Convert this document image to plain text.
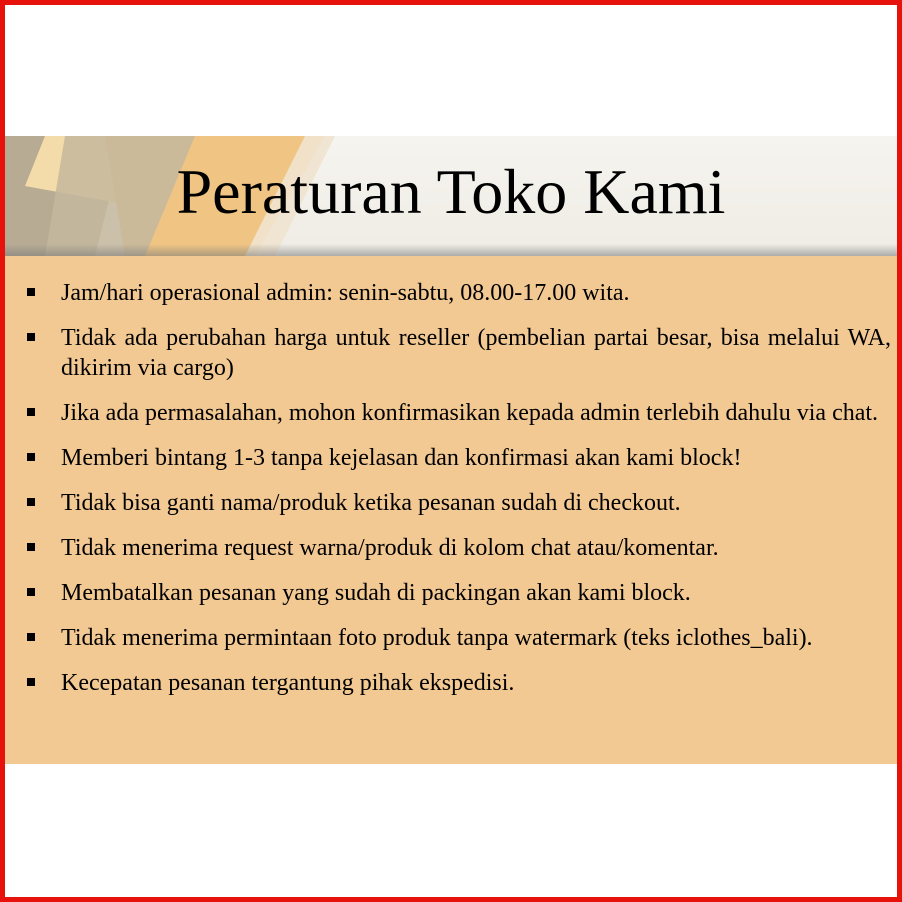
Peraturan Toko Kami
Jam/hari operasional admin: senin-sabtu, 08.00-17.00 wita.
Tidak ada perubahan harga untuk reseller (pembelian partai besar, bisa melalui WA, dikirim via cargo)
Jika ada permasalahan, mohon konfirmasikan kepada admin terlebih dahulu via chat.
Memberi bintang 1-3 tanpa kejelasan dan konfirmasi akan kami block!
Tidak bisa ganti nama/produk ketika pesanan sudah di checkout.
Tidak menerima request warna/produk di kolom chat atau/komentar.
Membatalkan pesanan yang sudah di packingan akan kami block.
Tidak menerima permintaan foto produk tanpa watermark (teks iclothes_bali).
Kecepatan pesanan tergantung pihak ekspedisi.
